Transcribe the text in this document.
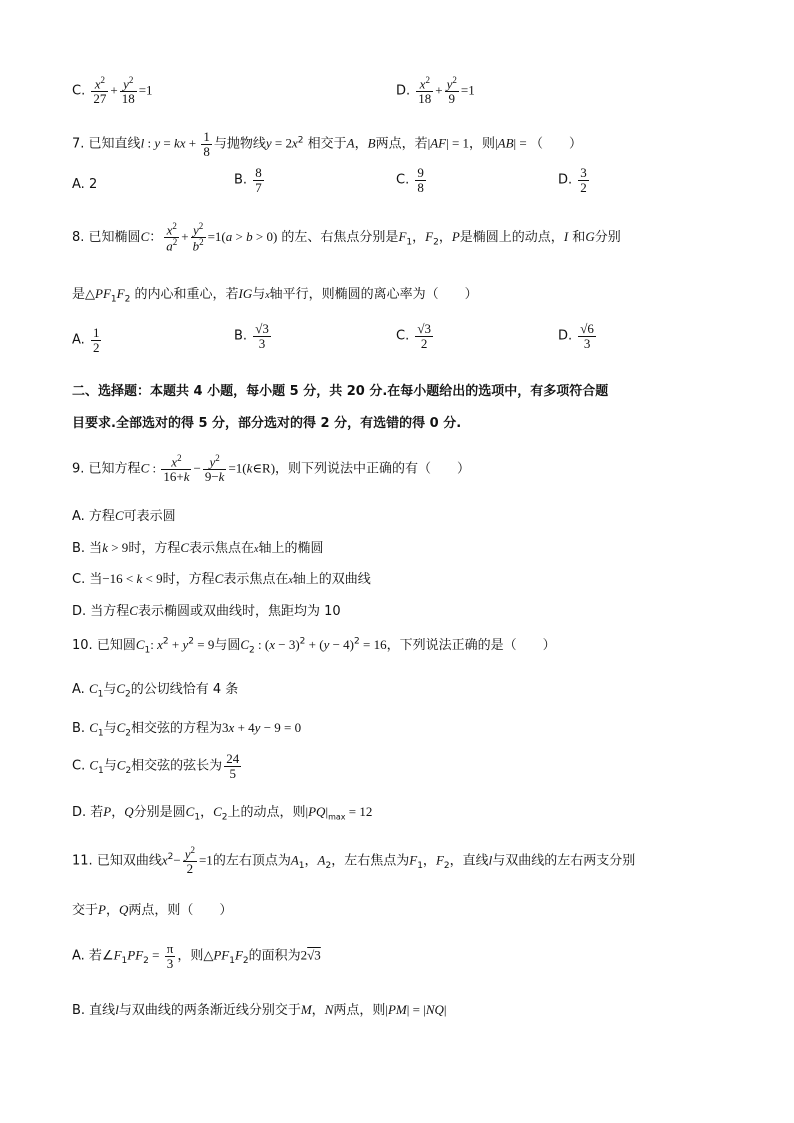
C. $\frac{x^2}{27} + \frac{y^2}{18} =1$	D. $\frac{x^2}{18} + \frac{y^2}{9} =1$
7. 已知直线l : y = kx + $\frac{1}{8}$ 与抛物线$y = 2x^2$ 相交于A，B两点，若|AF| = 1，则|AB| = （　　）
A. 2	B. $\frac{8}{7}$	C. $\frac{9}{8}$	D. $\frac{3}{2}$
8. 已知椭圆C： $\frac{x^2}{a^2} + \frac{y^2}{b^2} =1(a > b > 0)$ 的左、右焦点分别是$F_1$，$F_2$，P是椭圆上的动点，I 和G分别
是$\triangle PF_1F_2$ 的内心和重心，若IG与x轴平行，则椭圆的离心率为（　　）
A. $\frac{1}{2}$	B. $\frac{√3}{3}$	C. $\frac{√3}{2}$	D. $\frac{√6}{3}$
二、选择题：本题共 4 小题，每小题 5 分，共 20 分.在每小题给出的选项中，有多项符合题
目要求.全部选对的得 5 分，部分选对的得 2 分，有选错的得 0 分.
9. 已知方程C : $\frac{x^2}{16+k} - \frac{y^2}{9-k}$ =1(k∈R)，则下列说法中正确的有（　　）
A. 方程C可表示圆
B. 当k > 9时，方程C表示焦点在x轴上的椭圆
C. 当−16 < k < 9时，方程C表示焦点在x轴上的双曲线
D. 当方程C表示椭圆或双曲线时，焦距均为 10
10. 已知圆$C_1$: $x^2 + y^2 = 9$与圆$C_2$ : $(x - 3)^2 + (y - 4)^2 = 16$，下列说法正确的是（　　）
A. $C_1$与$C_2$的公切线恰有 4 条
B. $C_1$与$C_2$相交弦的方程为3x + 4y − 9 = 0
C. $C_1$与$C_2$相交弦的弦长为 $\frac{24}{5}$
D. 若P，Q分别是圆$C_1$，$C_2$上的动点，则$|PQ|_{max} = 12$
11. 已知双曲线$x^2- \frac{y^2}{2} =1$的左右顶点为$A_1$，$A_2$，左右焦点为$F_1$，$F_2$，直线l与双曲线的左右两支分别
交于P，Q两点，则（　　）
A. 若$\angle F_1PF_2 = \frac{\pi}{3}$ ，则$\triangle PF_1F_2$的面积为2√3
B. 直线l与双曲线的两条渐近线分别交于M，N两点，则|PM| = |NQ|
